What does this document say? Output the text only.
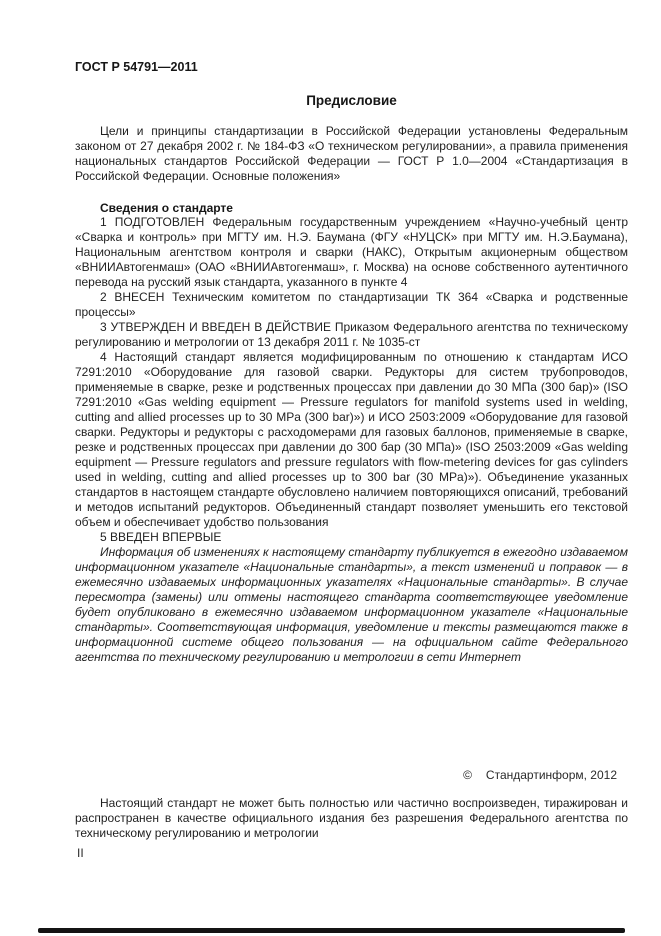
ГОСТ Р 54791—2011

Предисловие

Цели и принципы стандартизации в Российской Федерации установлены Федеральным законом от 27 декабря 2002 г. № 184-ФЗ «О техническом регулировании», а правила применения национальных стандартов Российской Федерации — ГОСТ Р 1.0—2004 «Стандартизация в Российской Федерации. Основные положения»

Сведения о стандарте

1 ПОДГОТОВЛЕН Федеральным государственным учреждением «Научно-учебный центр «Сварка и контроль» при МГТУ им. Н.Э. Баумана (ФГУ «НУЦСК» при МГТУ им. Н.Э.Баумана), Национальным агентством контроля и сварки (НАКС), Открытым акционерным обществом «ВНИИАвтогенмаш» (ОАО «ВНИИАвтогенмаш», г. Москва) на основе собственного аутентичного перевода на русский язык стандарта, указанного в пункте 4

2 ВНЕСЕН Техническим комитетом по стандартизации ТК 364 «Сварка и родственные процессы»

3 УТВЕРЖДЕН И ВВЕДЕН В ДЕЙСТВИЕ Приказом Федерального агентства по техническому регулированию и метрологии от 13 декабря 2011 г. № 1035-ст

4 Настоящий стандарт является модифицированным по отношению к стандартам ИСО 7291:2010 «Оборудование для газовой сварки. Редукторы для систем трубопроводов, применяемые в сварке, резке и родственных процессах при давлении до 30 МПа (300 бар)» (ISO 7291:2010 «Gas welding equipment — Pressure regulators for manifold systems used in welding, cutting and allied processes up to 30 MPa (300 bar)») и ИСО 2503:2009 «Оборудование для газовой сварки. Редукторы и редукторы с расходомерами для газовых баллонов, применяемые в сварке, резке и родственных процессах при давлении до 300 бар (30 МПа)» (ISO 2503:2009 «Gas welding equipment — Pressure regulators and pressure regulators with flow-metering devices for gas cylinders used in welding, cutting and allied processes up to 300 bar (30 MPa)»). Объединение указанных стандартов в настоящем стандарте обусловлено наличием повторяющихся описаний, требований и методов испытаний редукторов. Объединенный стандарт позволяет уменьшить его текстовой объем и обеспечивает удобство пользования

5 ВВЕДЕН ВПЕРВЫЕ

Информация об изменениях к настоящему стандарту публикуется в ежегодно издаваемом информационном указателе «Национальные стандарты», а текст изменений и поправок — в ежемесячно издаваемых информационных указателях «Национальные стандарты». В случае пересмотра (замены) или отмены настоящего стандарта соответствующее уведомление будет опубликовано в ежемесячно издаваемом информационном указателе «Национальные стандарты». Соответствующая информация, уведомление и тексты размещаются также в информационной системе общего пользования — на официальном сайте Федерального агентства по техническому регулированию и метрологии в сети Интернет

© Стандартинформ, 2012

Настоящий стандарт не может быть полностью или частично воспроизведен, тиражирован и распространен в качестве официального издания без разрешения Федерального агентства по техническому регулированию и метрологии

II
